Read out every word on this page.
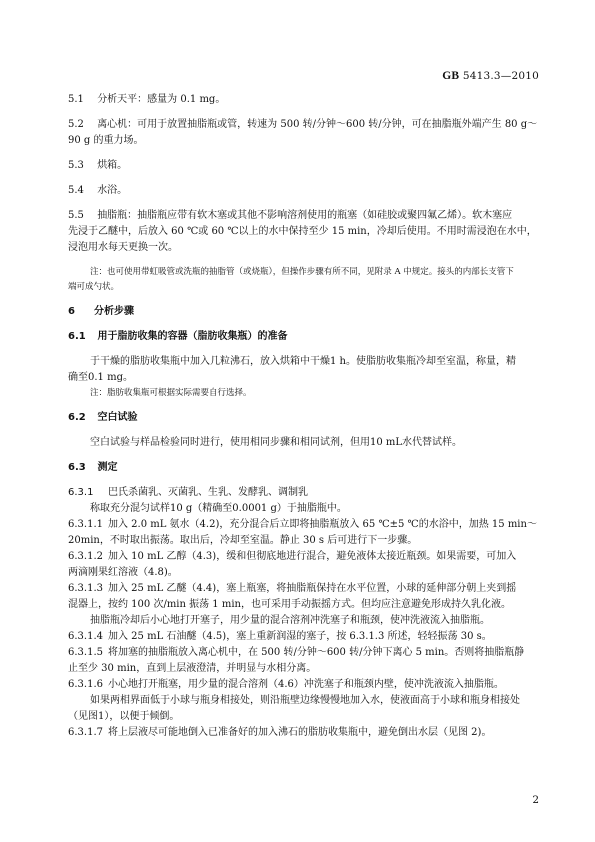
GB 5413.3—2010

5.1 分析天平：感量为 0.1 mg。

5.2 离心机：可用于放置抽脂瓶或管，转速为 500 转/分钟～600 转/分钟，可在抽脂瓶外端产生 80 g～

90 g 的重力场。

5.3 烘箱。

5.4 水浴。

5.5 抽脂瓶：抽脂瓶应带有软木塞或其他不影响溶剂使用的瓶塞（如硅胶或聚四氟乙烯）。软木塞应

先浸于乙醚中，后放入 60 ℃或 60 ℃以上的水中保持至少 15 min，冷却后使用。不用时需浸泡在水中，

浸泡用水每天更换一次。

注：也可使用带虹吸管或洗瓶的抽脂管（或烧瓶），但操作步骤有所不同，见附录 A 中规定。接头的内部长支管下

端可成勺状。

6 分析步骤

6.1 用于脂肪收集的容器（脂肪收集瓶）的准备

于干燥的脂肪收集瓶中加入几粒沸石，放入烘箱中干燥1 h。使脂肪收集瓶冷却至室温，称量，精

确至0.1 mg。

注：脂肪收集瓶可根据实际需要自行选择。

6.2 空白试验

空白试验与样品检验同时进行，使用相同步骤和相同试剂，但用10 mL水代替试样。

6.3 测定

6.3.1 巴氏杀菌乳、灭菌乳、生乳、发酵乳、调制乳

称取充分混匀试样10 g（精确至0.0001 g）于抽脂瓶中。

6.3.1.1 加入 2.0 mL 氨水（4.2)，充分混合后立即将抽脂瓶放入 65 ℃±5 ℃的水浴中，加热 15 min～

20min，不时取出振荡。取出后，冷却至室温。静止 30 s 后可进行下一步骤。

6.3.1.2 加入 10 mL 乙醇（4.3)，缓和但彻底地进行混合，避免液体太接近瓶颈。如果需要，可加入

两滴刚果红溶液（4.8)。

6.3.1.3 加入 25 mL 乙醚（4.4)，塞上瓶塞，将抽脂瓶保持在水平位置，小球的延伸部分朝上夹到摇

混器上，按约 100 次/min 振荡 1 min，也可采用手动振摇方式。但均应注意避免形成持久乳化液。

抽脂瓶冷却后小心地打开塞子，用少量的混合溶剂冲洗塞子和瓶颈，使冲洗液流入抽脂瓶。

6.3.1.4 加入 25 mL 石油醚（4.5)，塞上重新润湿的塞子，按 6.3.1.3 所述，轻轻振荡 30 s。

6.3.1.5 将加塞的抽脂瓶放入离心机中，在 500 转/分钟～600 转/分钟下离心 5 min。否则将抽脂瓶静

止至少 30 min，直到上层液澄清，并明显与水相分离。

6.3.1.6 小心地打开瓶塞，用少量的混合溶剂（4.6）冲洗塞子和瓶颈内壁，使冲洗液流入抽脂瓶。

如果两相界面低于小球与瓶身相接处，则沿瓶壁边缘慢慢地加入水，使液面高于小球和瓶身相接处

（见图1），以便于倾倒。

6.3.1.7 将上层液尽可能地倒入已准备好的加入沸石的脂肪收集瓶中，避免倒出水层（见图 2)。

2
